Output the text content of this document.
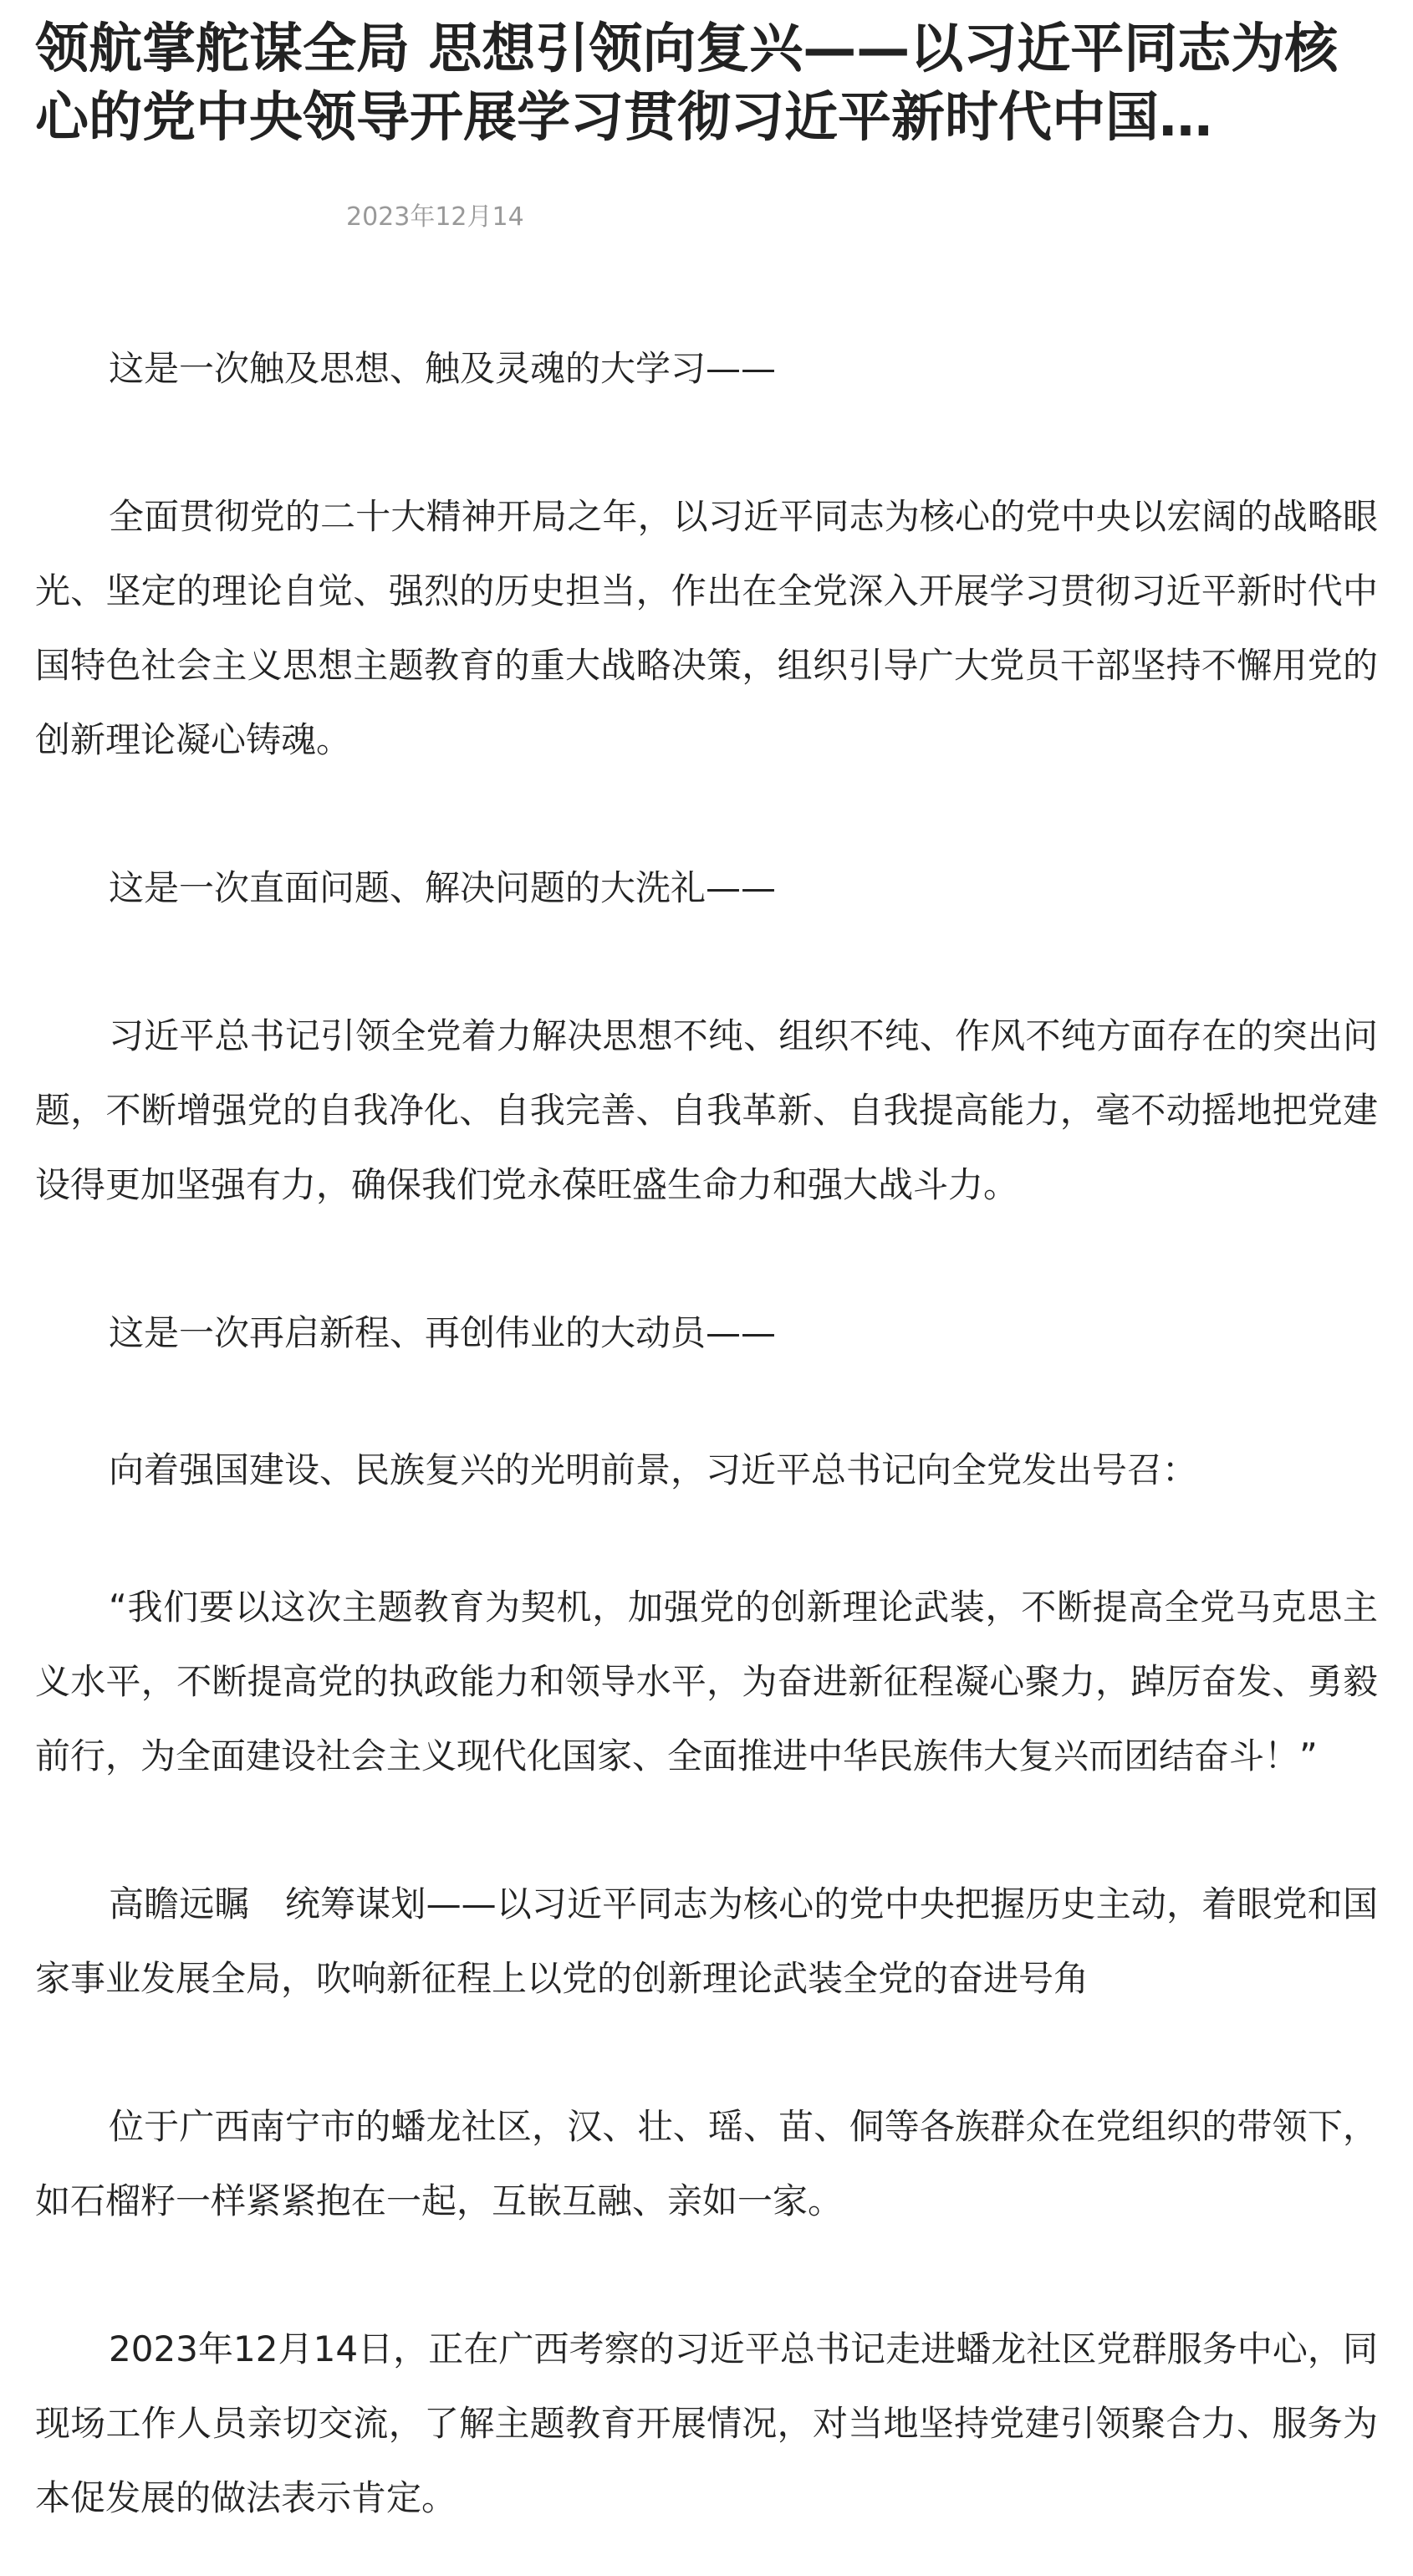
领航掌舵谋全局 思想引领向复兴——以习近平同志为核心的党中央领导开展学习贯彻习近平新时代中国…
2023年12月14

这是一次触及思想、触及灵魂的大学习——

全面贯彻党的二十大精神开局之年，以习近平同志为核心的党中央以宏阔的战略眼光、坚定的理论自觉、强烈的历史担当，作出在全党深入开展学习贯彻习近平新时代中国特色社会主义思想主题教育的重大战略决策，组织引导广大党员干部坚持不懈用党的创新理论凝心铸魂。

这是一次直面问题、解决问题的大洗礼——

习近平总书记引领全党着力解决思想不纯、组织不纯、作风不纯方面存在的突出问题，不断增强党的自我净化、自我完善、自我革新、自我提高能力，毫不动摇地把党建设得更加坚强有力，确保我们党永葆旺盛生命力和强大战斗力。

这是一次再启新程、再创伟业的大动员——

向着强国建设、民族复兴的光明前景，习近平总书记向全党发出号召：

“我们要以这次主题教育为契机，加强党的创新理论武装，不断提高全党马克思主义水平，不断提高党的执政能力和领导水平，为奋进新征程凝心聚力，踔厉奋发、勇毅前行，为全面建设社会主义现代化国家、全面推进中华民族伟大复兴而团结奋斗！”

高瞻远瞩　统筹谋划——以习近平同志为核心的党中央把握历史主动，着眼党和国家事业发展全局，吹响新征程上以党的创新理论武装全党的奋进号角

位于广西南宁市的蟠龙社区，汉、壮、瑶、苗、侗等各族群众在党组织的带领下，如石榴籽一样紧紧抱在一起，互嵌互融、亲如一家。

2023年12月14日，正在广西考察的习近平总书记走进蟠龙社区党群服务中心，同现场工作人员亲切交流，了解主题教育开展情况，对当地坚持党建引领聚合力、服务为本促发展的做法表示肯定。
